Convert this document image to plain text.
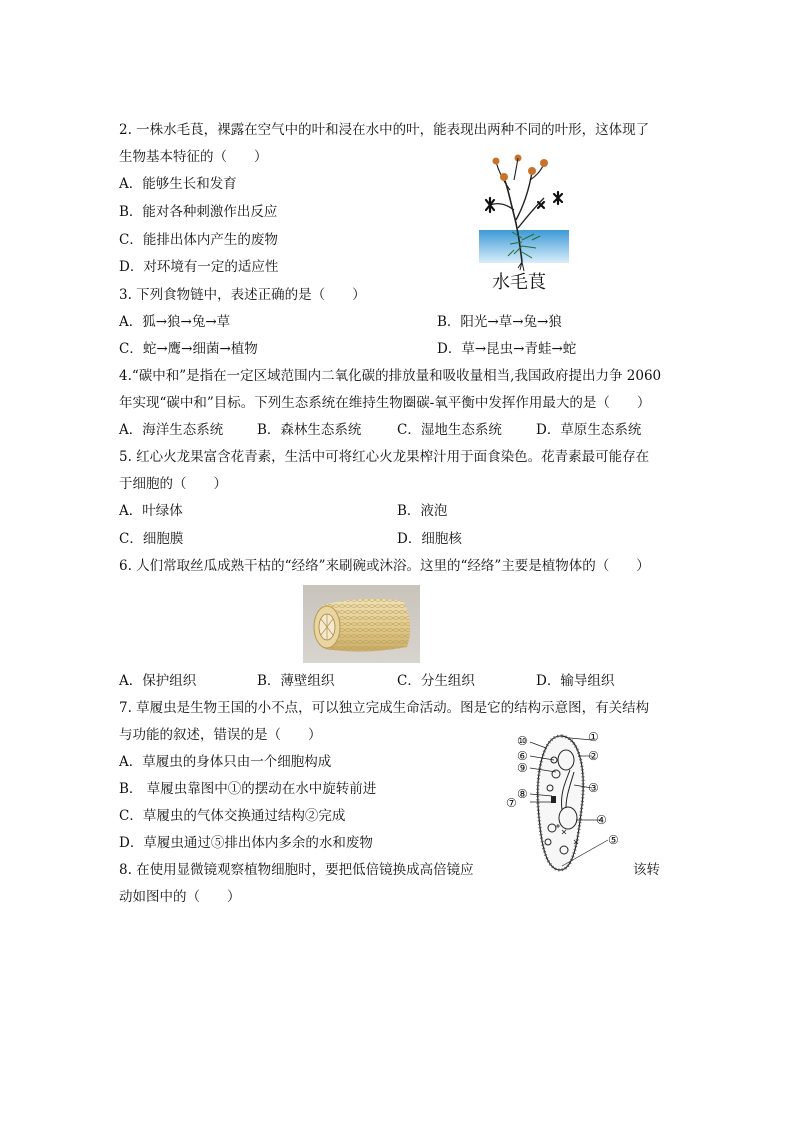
2. 一株水毛茛，裸露在空气中的叶和浸在水中的叶，能表现出两种不同的叶形，这体现了
生物基本特征的（　　）
A．能够生长和发育
B．能对各种刺激作出反应
C．能排出体内产生的废物
D．对环境有一定的适应性
水毛茛
3. 下列食物链中，表述正确的是（　　）
A．狐→狼→兔→草	B．阳光→草→兔→狼
C．蛇→鹰→细菌→植物	D．草→昆虫→青蛙→蛇
4.“碳中和”是指在一定区域范围内二氧化碳的排放量和吸收量相当,我国政府提出力争 2060
年实现“碳中和”目标。下列生态系统在维持生物圈碳-氧平衡中发挥作用最大的是（　　）
A．海洋生态系统	B．森林生态系统	C．湿地生态系统	D．草原生态系统
5. 红心火龙果富含花青素，生活中可将红心火龙果榨汁用于面食染色。花青素最可能存在
于细胞的（　　）
A．叶绿体	B．液泡
C．细胞膜	D．细胞核
6. 人们常取丝瓜成熟干枯的“经络”来刷碗或沐浴。这里的“经络”主要是植物体的（　　）
A．保护组织	B．薄壁组织	C．分生组织	D．输导组织
7. 草履虫是生物王国的小不点，可以独立完成生命活动。图是它的结构示意图，有关结构
与功能的叙述，错误的是（　　）
A．草履虫的身体只由一个细胞构成
B． 草履虫靠图中①的摆动在水中旋转前进
C．草履虫的气体交换通过结构②完成
D．草履虫通过⑤排出体内多余的水和废物
①
②
③
④
⑤
⑥
⑦
⑧
⑨
⑩
8. 在使用显微镜观察植物细胞时，要把低倍镜换成高倍镜应	该转
动如图中的（　　）
